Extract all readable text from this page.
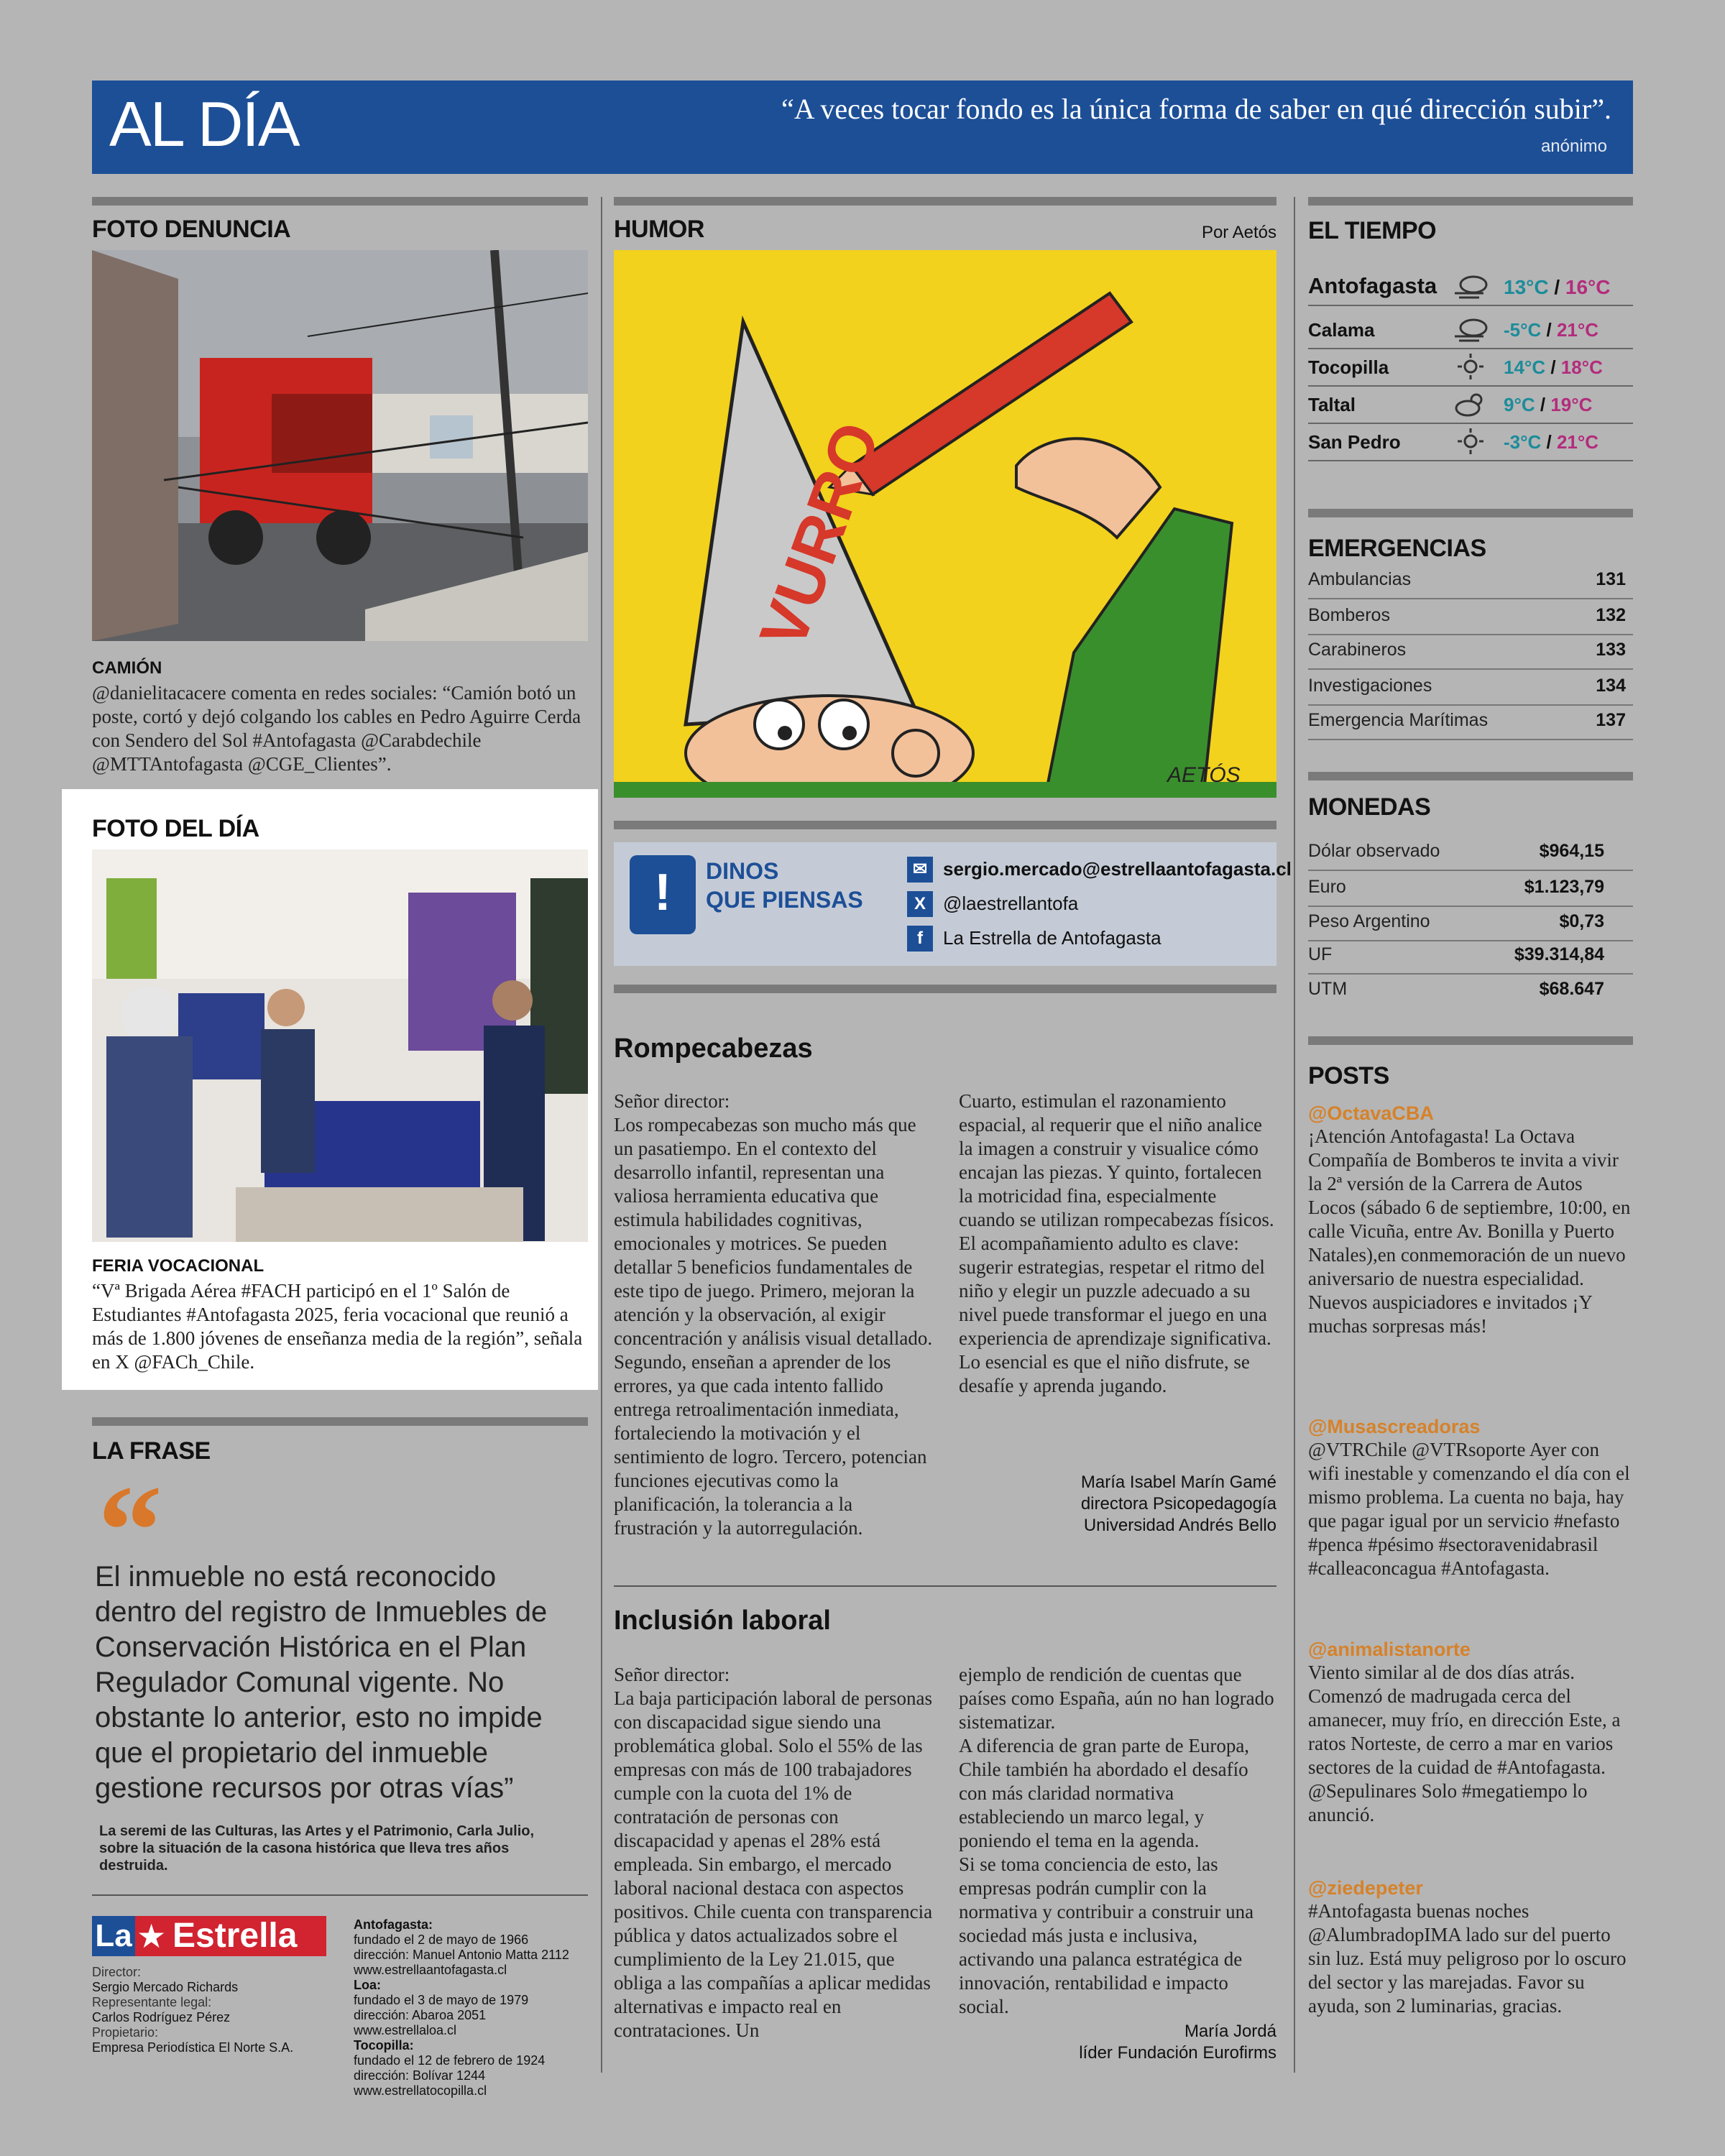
AL DÍA	“A veces tocar fondo es la única forma de saber en qué dirección subir”.
anónimo
FOTO DENUNCIA
CAMIÓN
@danielitacacere comenta en redes sociales: “Camión botó un poste, cortó y dejó colgando los cables en Pedro Aguirre Cerda con Sendero del Sol #Antofagasta @Carabdechile @MTTAntofagasta @CGE_Clientes”.
FOTO DEL DÍA
FERIA VOCACIONAL
“Vª Brigada Aérea #FACH participó en el 1º Salón de Estudiantes #Antofagasta 2025, feria vocacional que reunió a más de 1.800 jóvenes de enseñanza media de la región”, señala en X @FACh_Chile.
LA FRASE
“
El inmueble no está reconocido dentro del registro de Inmuebles de Conservación Histórica en el Plan Regulador Comunal vigente. No obstante lo anterior, esto no impide que el propietario del inmueble gestione recursos por otras vías”
La seremi de las Culturas, las Artes y el Patrimonio, Carla Julio, sobre la situación de la casona histórica que lleva tres años destruida.
La ★ Estrella
Director:
Sergio Mercado Richards
Representante legal:
Carlos Rodríguez Pérez
Propietario:
Empresa Periodística El Norte S.A.
Antofagasta:
fundado el 2 de mayo de 1966
dirección: Manuel Antonio Matta 2112
www.estrellaantofagasta.cl
Loa:
fundado el 3 de mayo de 1979
dirección: Abaroa 2051
www.estrellaloa.cl
Tocopilla:
fundado el 12 de febrero de 1924
dirección: Bolívar 1244
www.estrellatocopilla.cl
HUMOR	Por Aetós
VURRO
AETÓS
!	DINOS
QUE PIENSAS
✉ sergio.mercado@estrellaantofagasta.cl
X @laestrellantofa
f	La Estrella de Antofagasta
Rompecabezas
Señor director:
Los rompecabezas son mucho más que un pasatiempo. En el contexto del desarrollo infantil, representan una valiosa herramienta educativa que estimula habilidades cognitivas, emocionales y motrices. Se pueden detallar 5 beneficios fundamentales de este tipo de juego. Primero, mejoran la atención y la observación, al exigir concentración y análisis visual detallado. Segundo, enseñan a aprender de los errores, ya que cada intento fallido entrega retroalimentación inmediata, fortaleciendo la motivación y el sentimiento de logro. Tercero, potencian funciones ejecutivas como la planificación, la tolerancia a la frustración y la autorregulación.
Cuarto, estimulan el razonamiento espacial, al requerir que el niño analice la imagen a construir y visualice cómo encajan las piezas. Y quinto, fortalecen la motricidad fina, especialmente cuando se utilizan rompecabezas físicos.
El acompañamiento adulto es clave: sugerir estrategias, respetar el ritmo del niño y elegir un puzzle adecuado a su nivel puede transformar el juego en una experiencia de aprendizaje significativa. Lo esencial es que el niño disfrute, se desafíe y aprenda jugando.
María Isabel Marín Gamé
directora Psicopedagogía
Universidad Andrés Bello
Inclusión laboral
Señor director:
La baja participación laboral de personas con discapacidad sigue siendo una problemática global. Solo el 55% de las empresas con más de 100 trabajadores cumple con la cuota del 1% de contratación de personas con discapacidad y apenas el 28% está empleada. Sin embargo, el mercado laboral nacional destaca con aspectos positivos. Chile cuenta con transparencia pública y datos actualizados sobre el cumplimiento de la Ley 21.015, que obliga a las compañías a aplicar medidas alternativas e impacto real en contrataciones. Un
ejemplo de rendición de cuentas que países como España, aún no han logrado sistematizar.
A diferencia de gran parte de Europa, Chile también ha abordado el desafío con más claridad normativa estableciendo un marco legal, y poniendo el tema en la agenda.
Si se toma conciencia de esto, las empresas podrán cumplir con la normativa y contribuir a construir una sociedad más justa e inclusiva, activando una palanca estratégica de innovación, rentabilidad e impacto social.
María Jordá
líder Fundación Eurofirms
EL TIEMPO
Antofagasta	13°C / 16°C
Calama	-5°C / 21°C
Tocopilla	14°C / 18°C
Taltal	9°C / 19°C
San Pedro	-3°C / 21°C
EMERGENCIAS
Ambulancias	131
Bomberos	132
Carabineros	133
Investigaciones	134
Emergencia Marítimas	137
MONEDAS
Dólar observado	$964,15
Euro	$1.123,79
Peso Argentino	$0,73
UF	$39.314,84
UTM	$68.647
POSTS
@OctavaCBA
¡Atención Antofagasta! La Octava Compañía de Bomberos te invita a vivir la 2ª versión de la Carrera de Autos Locos (sábado 6 de septiembre, 10:00, en calle Vicuña, entre Av. Bonilla y Puerto Natales),en conmemoración de un nuevo aniversario de nuestra especialidad. Nuevos auspiciadores e invitados ¡Y muchas sorpresas más!
@Musascreadoras
@VTRChile @VTRsoporte Ayer con wifi inestable y comenzando el día con el mismo problema. La cuenta no baja, hay que pagar igual por un servicio #nefasto #penca #pésimo #sectoravenidabrasil #calleaconcagua #Antofagasta.
@animalistanorte
Viento similar al de dos días atrás. Comenzó de madrugada cerca del amanecer, muy frío, en dirección Este, a ratos Norteste, de cerro a mar en varios sectores de la cuidad de #Antofagasta. @Sepulinares Solo #megatiempo lo anunció.
@ziedepeter
#Antofagasta buenas noches @AlumbradopIMA lado sur del puerto sin luz. Está muy peligroso por lo oscuro del sector y las marejadas. Favor su ayuda, son 2 luminarias, gracias.
